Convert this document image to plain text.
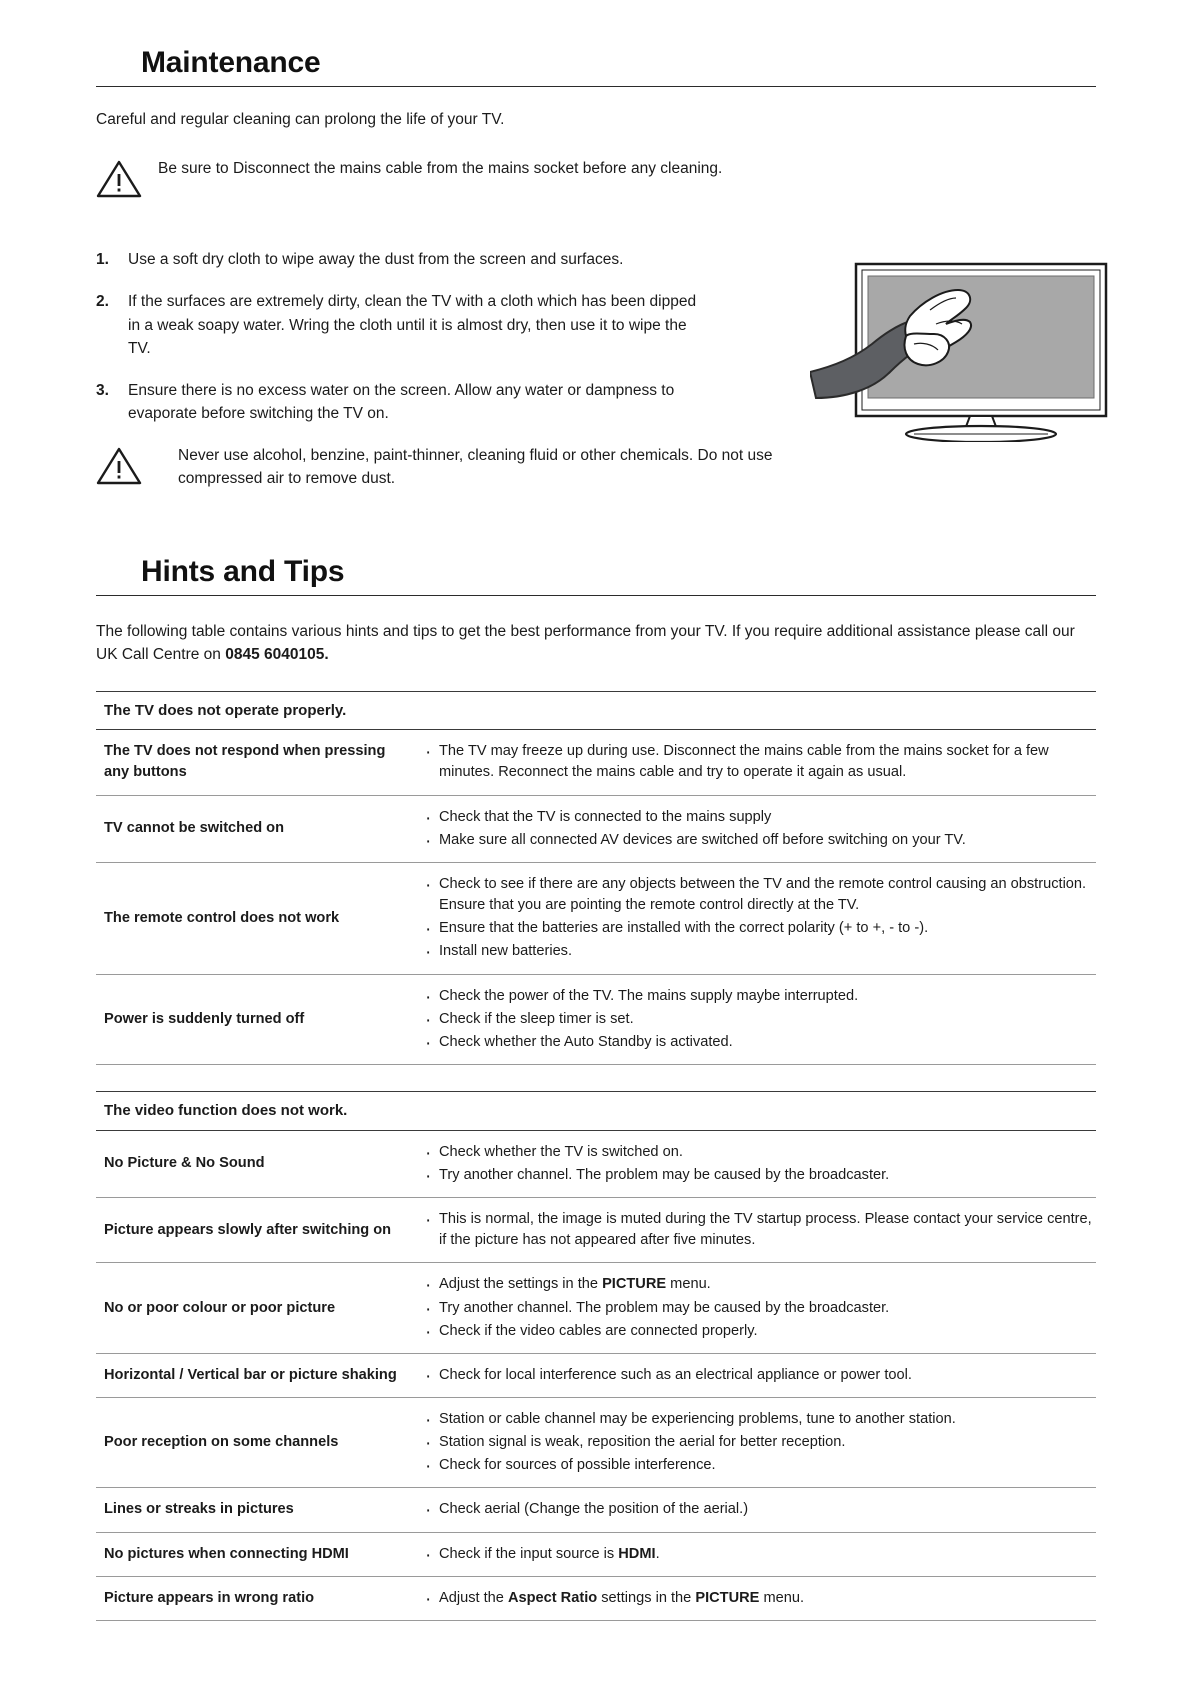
Maintenance
Careful and regular cleaning can prolong the life of your TV.
Be sure to Disconnect the mains cable from the mains socket before any cleaning.
1. Use a soft dry cloth to wipe away the dust from the screen and surfaces.
2. If the surfaces are extremely dirty, clean the TV with a cloth which has been dipped in a weak soapy water. Wring the cloth until it is almost dry, then use it to wipe the TV.
3. Ensure there is no excess water on the screen. Allow any water or dampness to evaporate before switching the TV on.
Never use alcohol, benzine, paint-thinner, cleaning fluid or other chemicals. Do not use compressed air to remove dust.
Hints and Tips
The following table contains various hints and tips to get the best performance from your TV. If you require additional assistance please call our UK Call Centre on 0845 6040105.
The TV does not operate properly.	
The TV does not respond when pressing any buttons	
· The TV may freeze up during use. Disconnect the mains cable from the mains socket for a few minutes. Reconnect the mains cable and try to operate it again as usual.

TV cannot be switched on	
· Check that the TV is connected to the mains supply
· Make sure all connected AV devices are switched off before switching on your TV.

The remote control does not work	
· Check to see if there are any objects between the TV and the remote control causing an obstruction. Ensure that you are pointing the remote control directly at the TV.
· Ensure that the batteries are installed with the correct polarity (+ to +, - to -).
· Install new batteries.

Power is suddenly turned off	
· Check the power of the TV. The mains supply maybe interrupted.
· Check if the sleep timer is set.
· Check whether the Auto Standby is activated.
The video function does not work.	
No Picture & No Sound	
· Check whether the TV is switched on.
· Try another channel. The problem may be caused by the broadcaster.

Picture appears slowly after switching on	
· This is normal, the image is muted during the TV startup process. Please contact your service centre, if the picture has not appeared after five minutes.

No or poor colour or poor picture	
· Adjust the settings in the PICTURE menu.
· Try another channel. The problem may be caused by the broadcaster.
· Check if the video cables are connected properly.

Horizontal / Vertical bar or picture shaking	
·Check for local interference such as an electrical appliance or power tool.

Poor reception on some channels	
· Station or cable channel may be experiencing problems, tune to another station.
· Station signal is weak, reposition the aerial for better reception.
· Check for sources of possible interference.

Lines or streaks in pictures	
·Check aerial (Change the position of the aerial.)

No pictures when connecting HDMI	
·Check if the input source is HDMI.

Picture appears in wrong ratio	
·Adjust the Aspect Ratio settings in the PICTURE menu.
